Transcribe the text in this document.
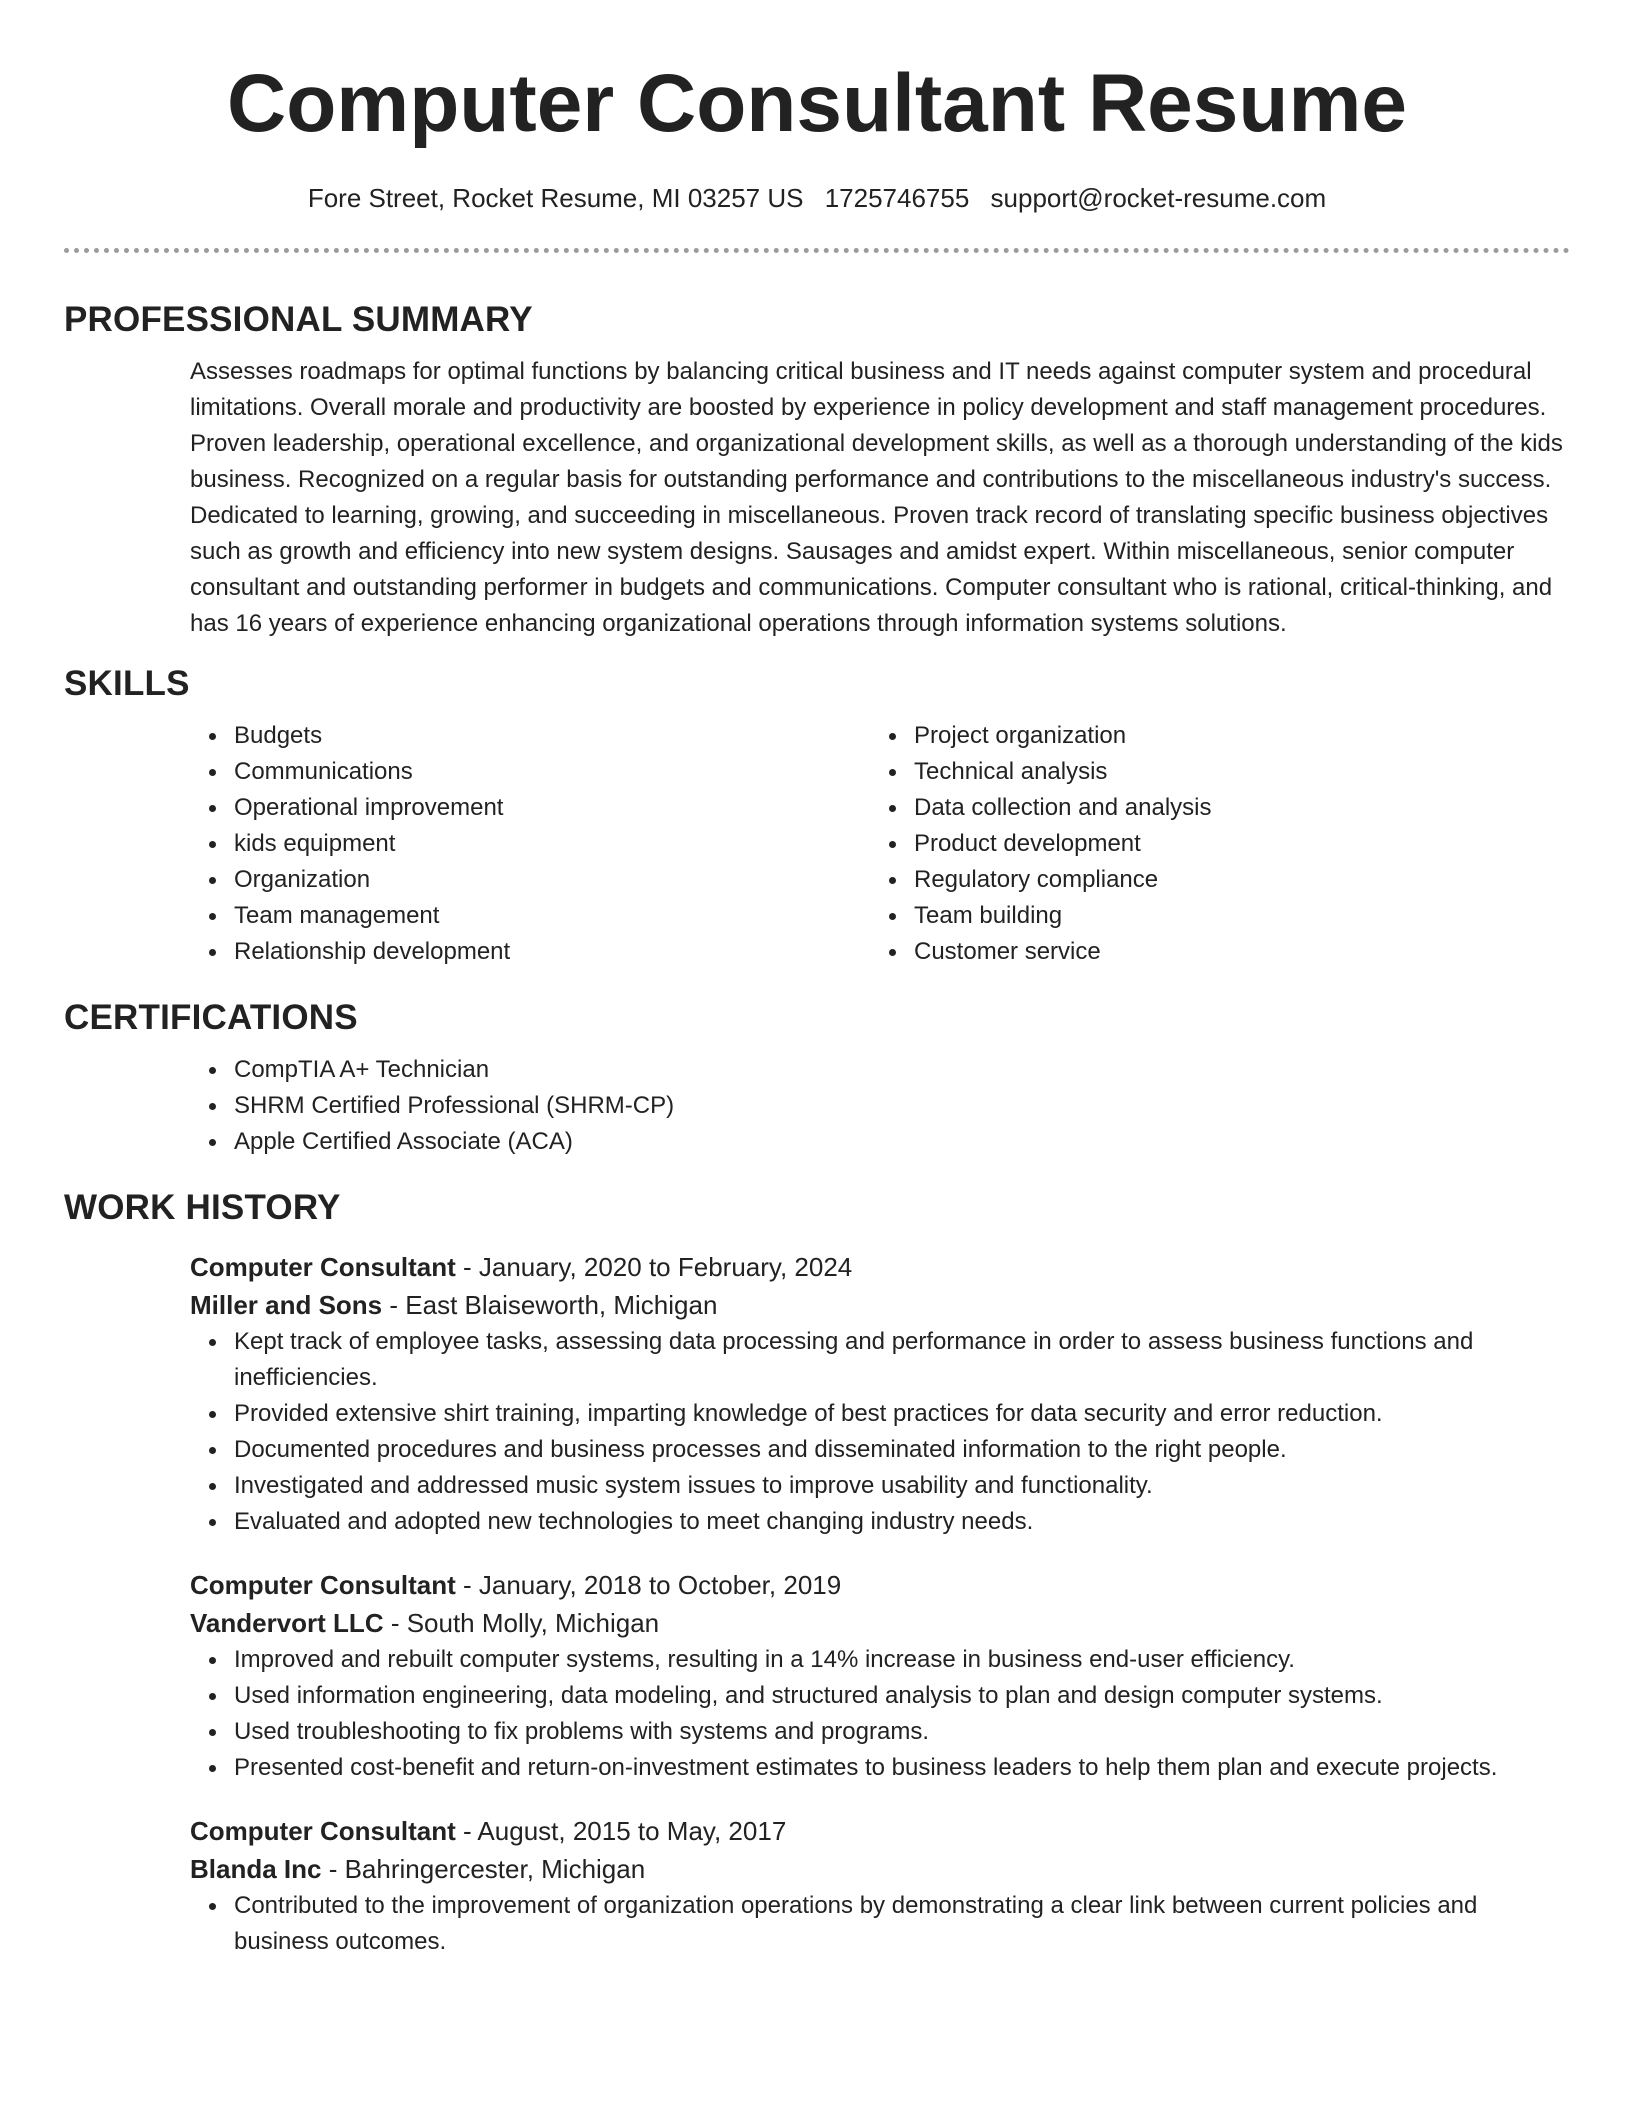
Computer Consultant Resume
Fore Street, Rocket Resume, MI 03257 US 1725746755 support@rocket-resume.com
PROFESSIONAL SUMMARY

Assesses roadmaps for optimal functions by balancing critical business and IT needs against computer system and procedural limitations. Overall morale and productivity are boosted by experience in policy development and staff management procedures. Proven leadership, operational excellence, and organizational development skills, as well as a thorough understanding of the kids business. Recognized on a regular basis for outstanding performance and contributions to the miscellaneous industry's success. Dedicated to learning, growing, and succeeding in miscellaneous. Proven track record of translating specific business objectives such as growth and efficiency into new system designs. Sausages and amidst expert. Within miscellaneous, senior computer consultant and outstanding performer in budgets and communications. Computer consultant who is rational, critical-thinking, and has 16 years of experience enhancing organizational operations through information systems solutions.

SKILLS
Budgets
Communications
Operational improvement
kids equipment
Organization
Team management
Relationship development
Project organization
Technical analysis
Data collection and analysis
Product development
Regulatory compliance
Team building
Customer service
CERTIFICATIONS
CompTIA A+ Technician
SHRM Certified Professional (SHRM-CP)
Apple Certified Associate (ACA)
WORK HISTORY
Computer Consultant - January, 2020 to February, 2024
Miller and Sons - East Blaiseworth, Michigan
Kept track of employee tasks, assessing data processing and performance in order to assess business functions and inefficiencies.
Provided extensive shirt training, imparting knowledge of best practices for data security and error reduction.
Documented procedures and business processes and disseminated information to the right people.
Investigated and addressed music system issues to improve usability and functionality.
Evaluated and adopted new technologies to meet changing industry needs.
Computer Consultant - January, 2018 to October, 2019
Vandervort LLC - South Molly, Michigan
Improved and rebuilt computer systems, resulting in a 14% increase in business end-user efficiency.
Used information engineering, data modeling, and structured analysis to plan and design computer systems.
Used troubleshooting to fix problems with systems and programs.
Presented cost-benefit and return-on-investment estimates to business leaders to help them plan and execute projects.
Computer Consultant - August, 2015 to May, 2017
Blanda Inc - Bahringercester, Michigan
Contributed to the improvement of organization operations by demonstrating a clear link between current policies and business outcomes.
